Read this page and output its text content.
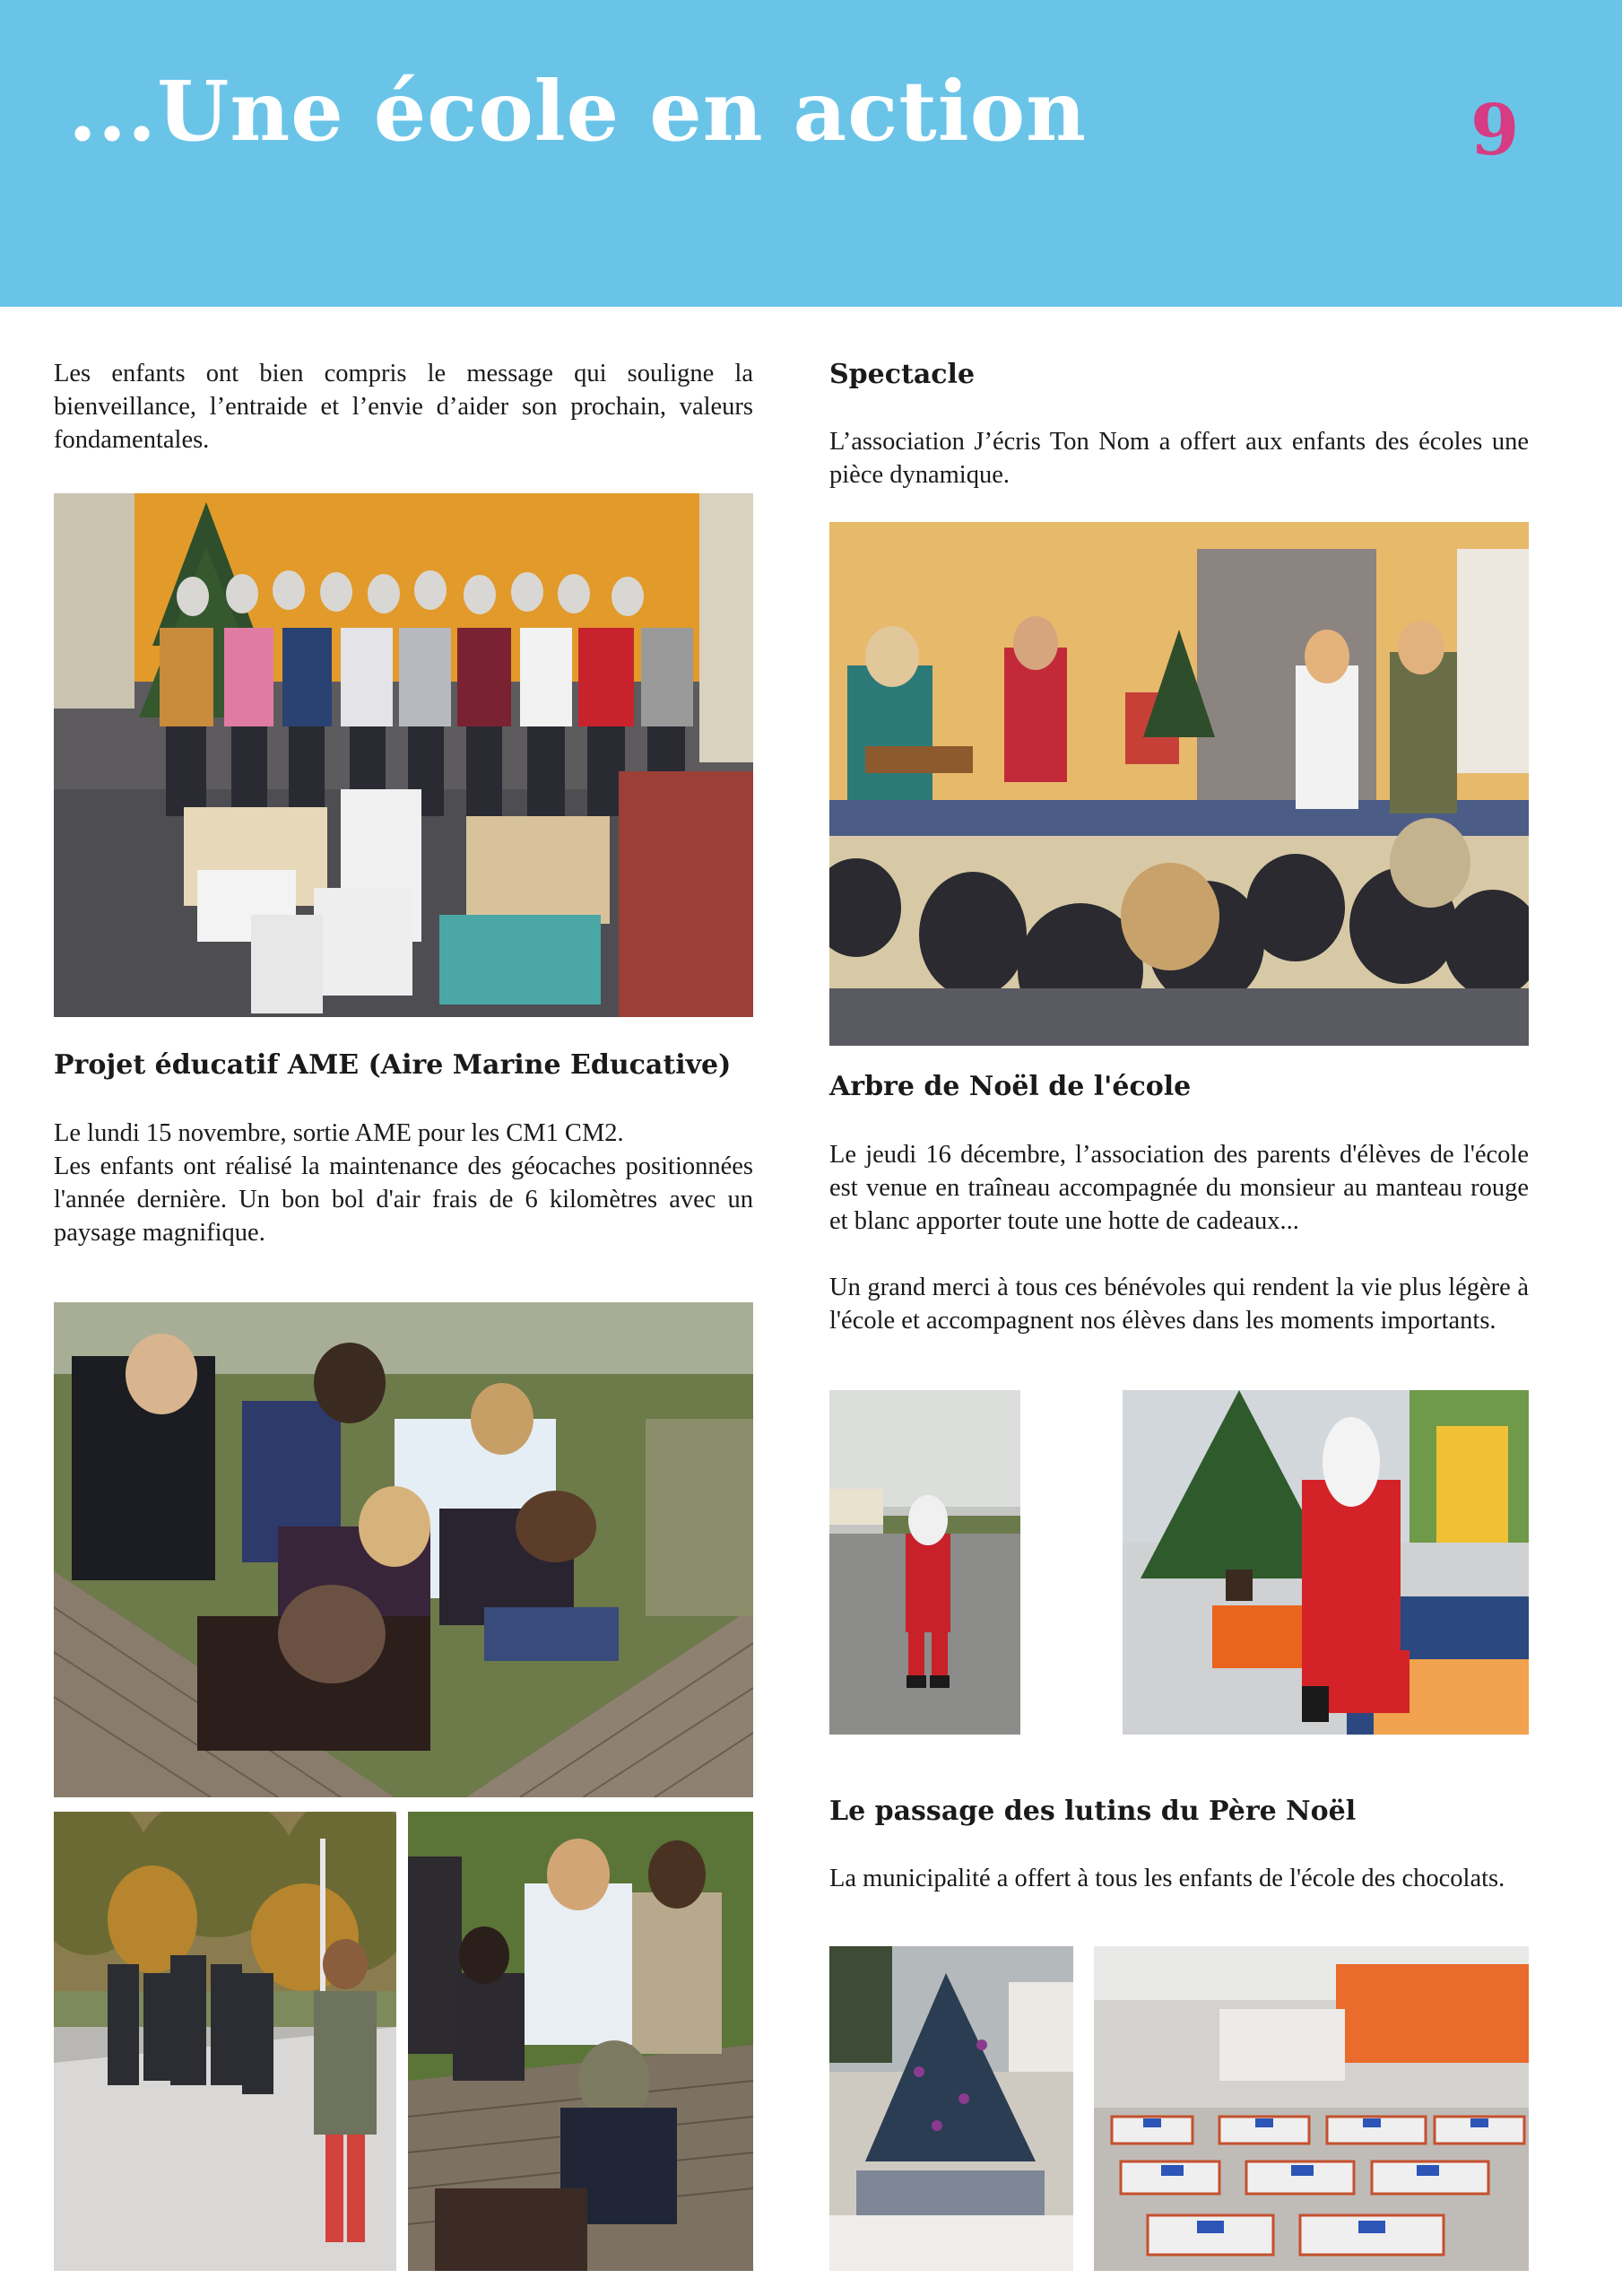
...Une école en action	9

Les enfants ont bien compris le message qui souligne la bienveillance, l’entraide et l’envie d’aider son prochain, valeurs fondamentales.

Projet éducatif AME (Aire Marine Educative)

Le lundi 15 novembre, sortie AME pour les CM1 CM2.

Les enfants ont réalisé la maintenance des géocaches positionnées l'année dernière. Un bon bol d'air frais de 6 kilomètres avec un paysage magnifique.

Spectacle

L’association J’écris Ton Nom a offert aux enfants des écoles une pièce dynamique.

Arbre de Noël de l'école

Le jeudi 16 décembre, l’association des parents d'élèves de l'école est venue en traîneau accompagnée du monsieur au manteau rouge et blanc apporter toute une hotte de cadeaux...

Un grand merci à tous ces bénévoles qui rendent la vie plus légère à l'école et accompagnent nos élèves dans les moments importants.

Le passage des lutins du Père Noël

La municipalité a offert à tous les enfants de l'école des chocolats.
